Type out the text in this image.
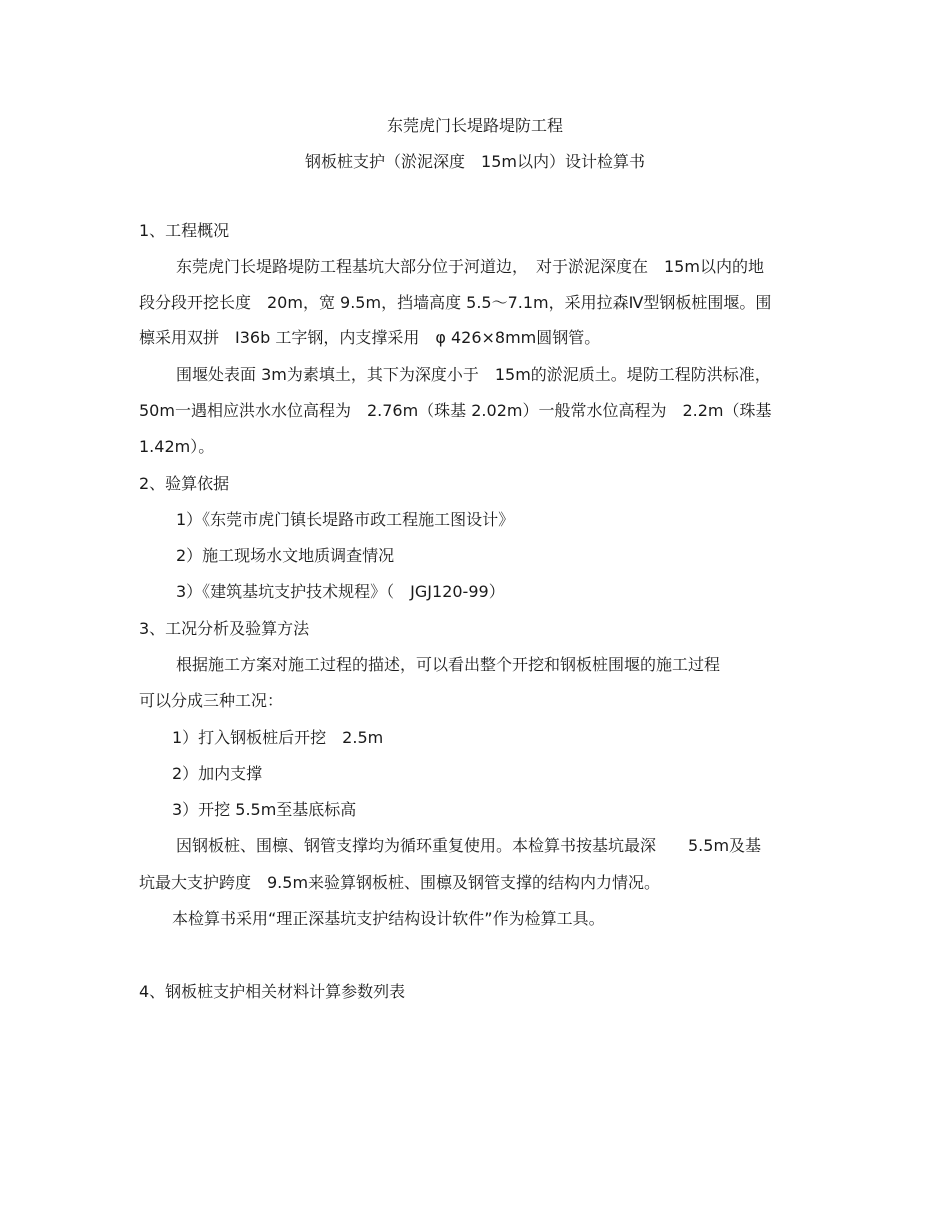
东莞虎门长堤路堤防工程
钢板桩支护（淤泥深度　15m以内）设计检算书
1、工程概况
东莞虎门长堤路堤防工程基坑大部分位于河道边，　对于淤泥深度在　15m以内的地
段分段开挖长度　20m，宽 9.5m，挡墙高度 5.5～7.1m，采用拉森Ⅳ型钢板桩围堰。围
檩采用双拼　I36b 工字钢，内支撑采用　φ 426×8mm圆钢管。
围堰处表面 3m为素填土，其下为深度小于　15m的淤泥质土。堤防工程防洪标准，
50m一遇相应洪水水位高程为　2.76m（珠基 2.02m）一般常水位高程为　2.2m（珠基
1.42m）。
2、验算依据
1）《东莞市虎门镇长堤路市政工程施工图设计》
2）施工现场水文地质调查情况
3）《建筑基坑支护技术规程》（　JGJ120-99）
3、工况分析及验算方法
根据施工方案对施工过程的描述，可以看出整个开挖和钢板桩围堰的施工过程
可以分成三种工况：
1）打入钢板桩后开挖　2.5m
2）加内支撑
3）开挖 5.5m至基底标高
因钢板桩、围檩、钢管支撑均为循环重复使用。本检算书按基坑最深　　5.5m及基
坑最大支护跨度　9.5m来验算钢板桩、围檩及钢管支撑的结构内力情况。
本检算书采用“理正深基坑支护结构设计软件”作为检算工具。
4、钢板桩支护相关材料计算参数列表
